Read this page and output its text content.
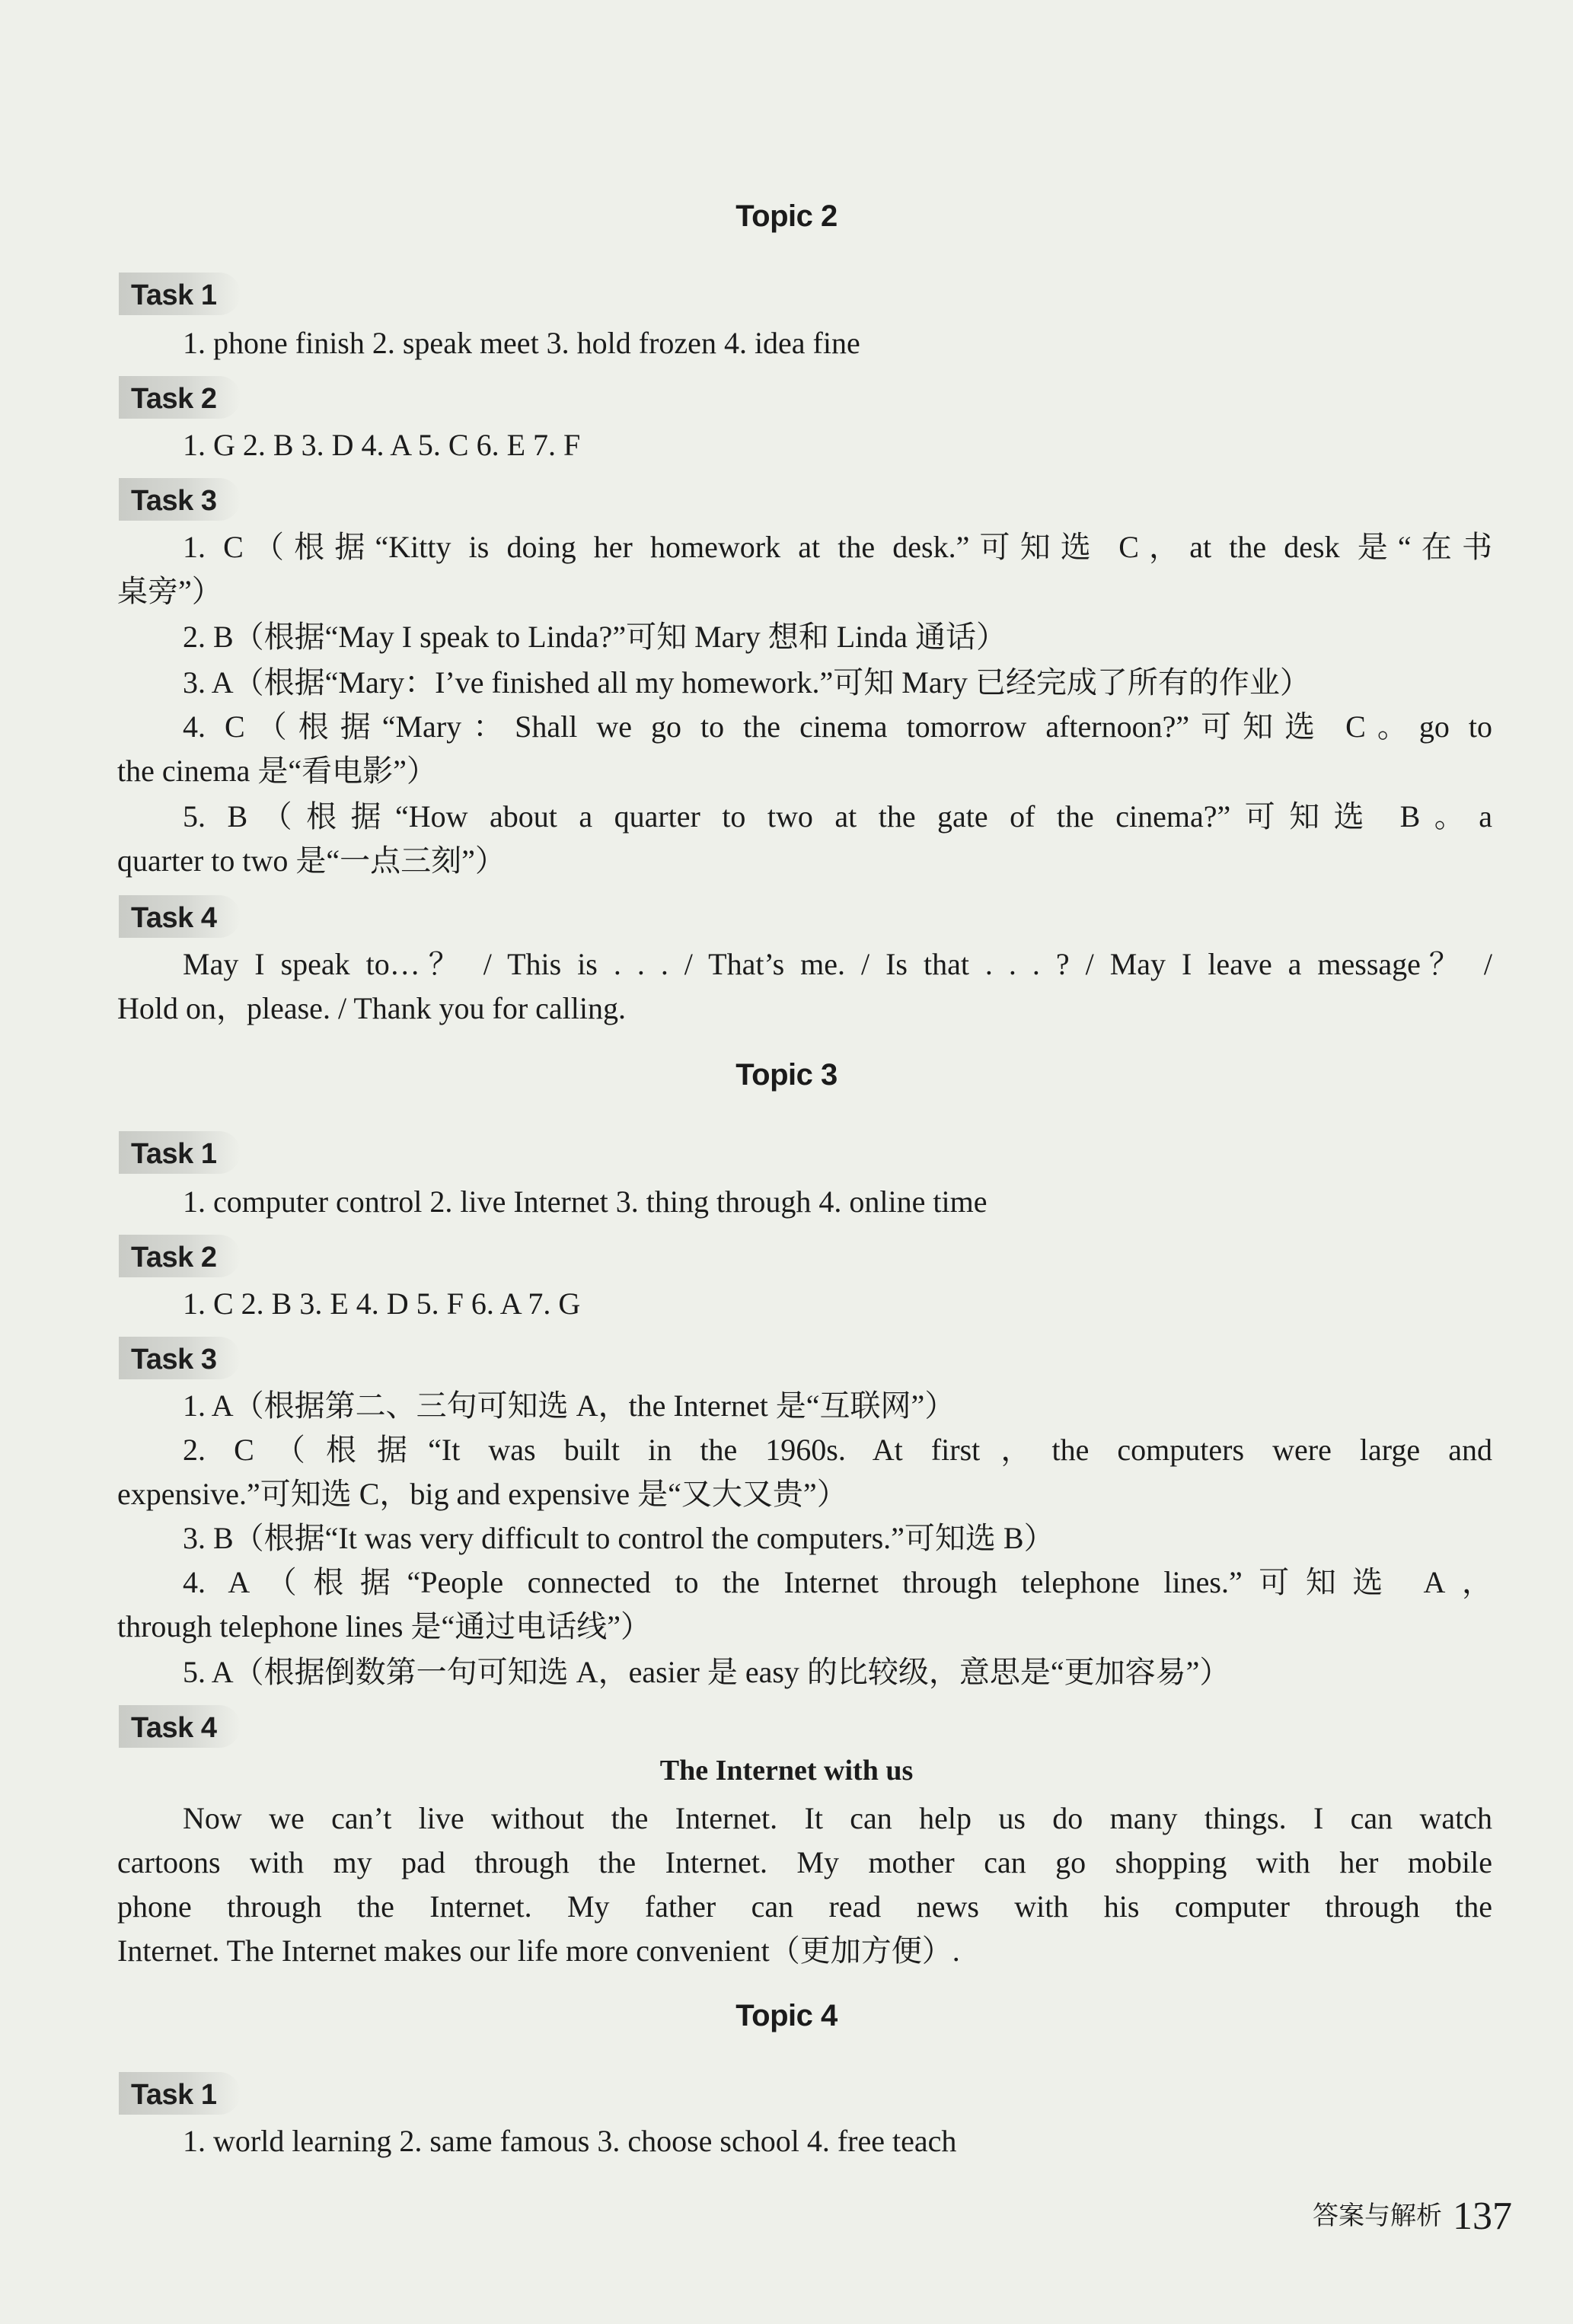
Topic 2
Task 1
1. phone finish 2. speak meet 3. hold frozen 4. idea fine
Task 2
1. G 2. B 3. D 4. A 5. C 6. E 7. F
Task 3
1. C（根据“Kitty is doing her homework at the desk.”可知选 C，at the desk 是“在书
桌旁”）
2. B（根据“May I speak to Linda?”可知 Mary 想和 Linda 通话）
3. A（根据“Mary：I’ve finished all my homework.”可知 Mary 已经完成了所有的作业）
4. C（根据“Mary：Shall we go to the cinema tomorrow afternoon?”可知选 C。go to
the cinema 是“看电影”）
5. B（根据“How about a quarter to two at the gate of the cinema?”可知选 B。a
quarter to two 是“一点三刻”）
Task 4
May I speak to…？ / This is . . . / That’s me. / Is that . . . ? / May I leave a message？ /
Hold on，please. / Thank you for calling.
Topic 3
Task 1
1. computer control 2. live Internet 3. thing through 4. online time
Task 2
1. C 2. B 3. E 4. D 5. F 6. A 7. G
Task 3
1. A（根据第二、三句可知选 A，the Internet 是“互联网”）
2. C（根据“It was built in the 1960s. At first，the computers were large and
expensive.”可知选 C，big and expensive 是“又大又贵”）
3. B（根据“It was very difficult to control the computers.”可知选 B）
4. A（根据“People connected to the Internet through telephone lines.”可知选 A，
through telephone lines 是“通过电话线”）
5. A（根据倒数第一句可知选 A，easier 是 easy 的比较级，意思是“更加容易”）
Task 4
The Internet with us
Now we can’t live without the Internet. It can help us do many things. I can watch
cartoons with my pad through the Internet. My mother can go shopping with her mobile
phone through the Internet. My father can read news with his computer through the
Internet. The Internet makes our life more convenient（更加方便）.
Topic 4
Task 1
1. world learning 2. same famous 3. choose school 4. free teach
答案与解析 137
